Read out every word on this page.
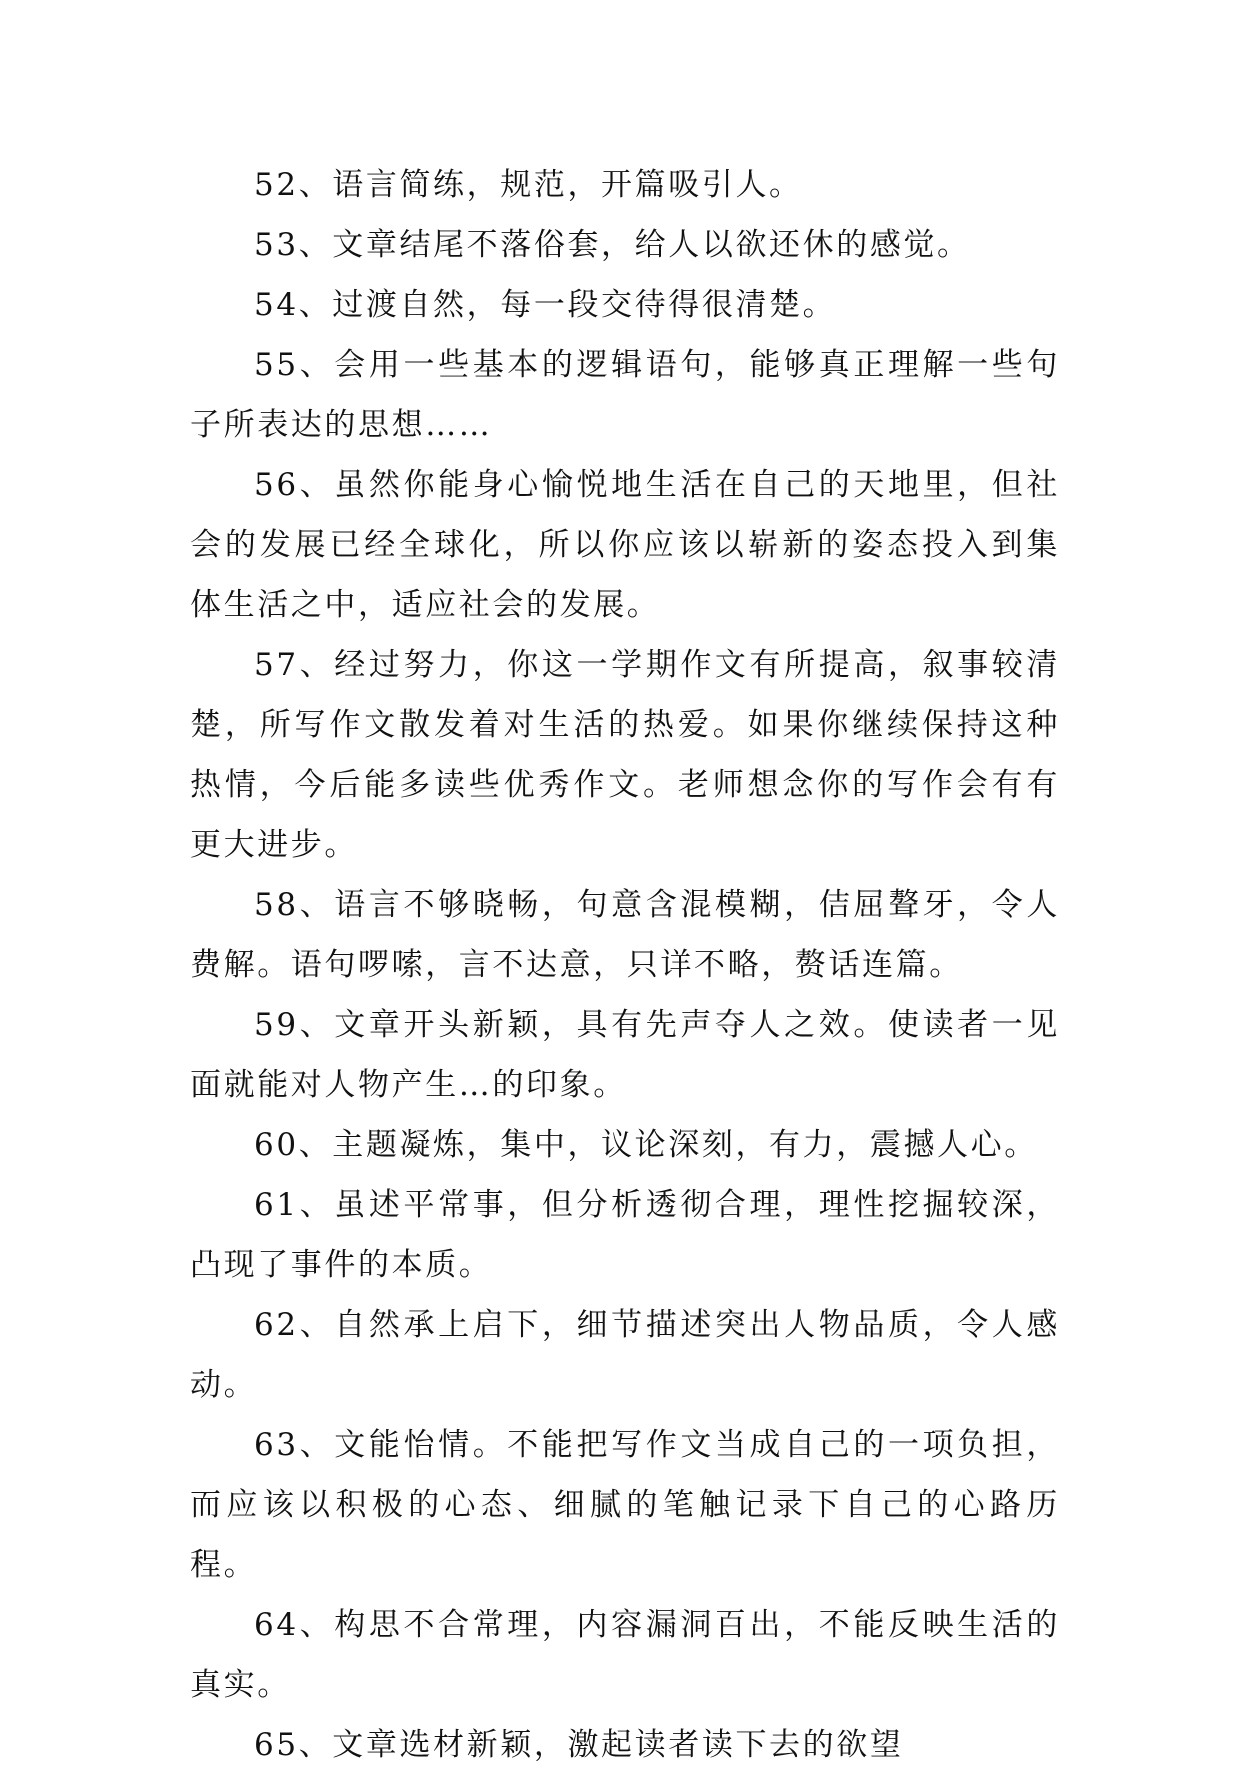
52、语言简练，规范，开篇吸引人。

53、文章结尾不落俗套，给人以欲还休的感觉。

54、过渡自然，每一段交待得很清楚。

55、会用一些基本的逻辑语句，能够真正理解一些句子所表达的思想……

56、虽然你能身心愉悦地生活在自己的天地里，但社会的发展已经全球化，所以你应该以崭新的姿态投入到集体生活之中，适应社会的发展。

57、经过努力，你这一学期作文有所提高，叙事较清楚，所写作文散发着对生活的热爱。如果你继续保持这种热情，今后能多读些优秀作文。老师想念你的写作会有有更大进步。

58、语言不够晓畅，句意含混模糊，佶屈聱牙，令人费解。语句啰嗦，言不达意，只详不略，赘话连篇。

59、文章开头新颖，具有先声夺人之效。使读者一见面就能对人物产生…的印象。

60、主题凝炼，集中，议论深刻，有力，震撼人心。

61、虽述平常事，但分析透彻合理，理性挖掘较深，凸现了事件的本质。

62、自然承上启下，细节描述突出人物品质，令人感动。

63、文能怡情。不能把写作文当成自己的一项负担，而应该以积极的心态、细腻的笔触记录下自己的心路历程。

64、构思不合常理，内容漏洞百出，不能反映生活的真实。

65、文章选材新颖，激起读者读下去的欲望
